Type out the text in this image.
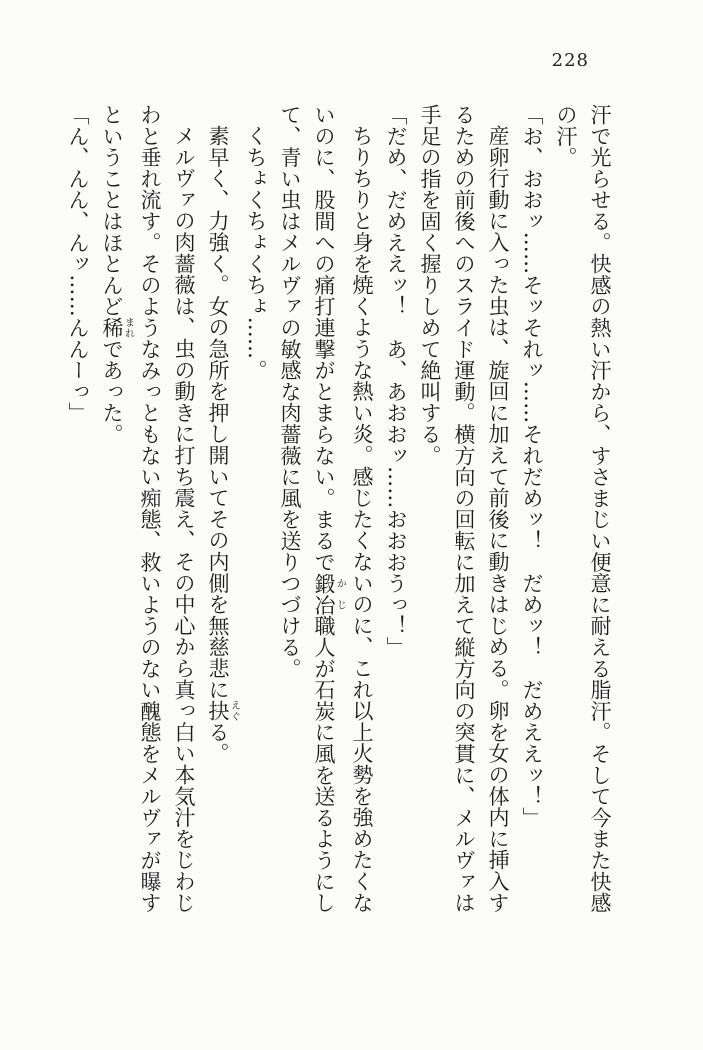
228

汗で光らせる。快感の熱い汗から、すさまじい便意に耐える脂汗。そして今また快感

の汗。

「お、おおッ……そッそれッ……それだめッ！　だめッ！　だめええッ！」

産卵行動に入った虫は、旋回に加えて前後に動きはじめる。卵を女の体内に挿入す

るための前後へのスライド運動。横方向の回転に加えて縦方向の突貫に、メルヴァは

手足の指を固く握りしめて絶叫する。

「だめ、だめええッ！　あ、あおおッ……おおおうっ！」

ちりちりと身を焼くような熱い炎。感じたくないのに、これ以上火勢を強めたくな

いのに、股間への痛打連撃がとまらない。まるで鍛冶かじ職人が石炭に風を送るようにし

て、青い虫はメルヴァの敏感な肉薔薇に風を送りつづける。

くちょくちょくちょ……。

素早く、力強く。女の急所を押し開いてその内側を無慈悲に抉えぐる。

メルヴァの肉薔薇は、虫の動きに打ち震え、その中心から真っ白い本気汁をじわじ

わと垂れ流す。そのようなみっともない痴態、救いようのない醜態をメルヴァが曝す

ということはほとんど稀まれであった。

「ん、んん、んッ……んんーっ」
